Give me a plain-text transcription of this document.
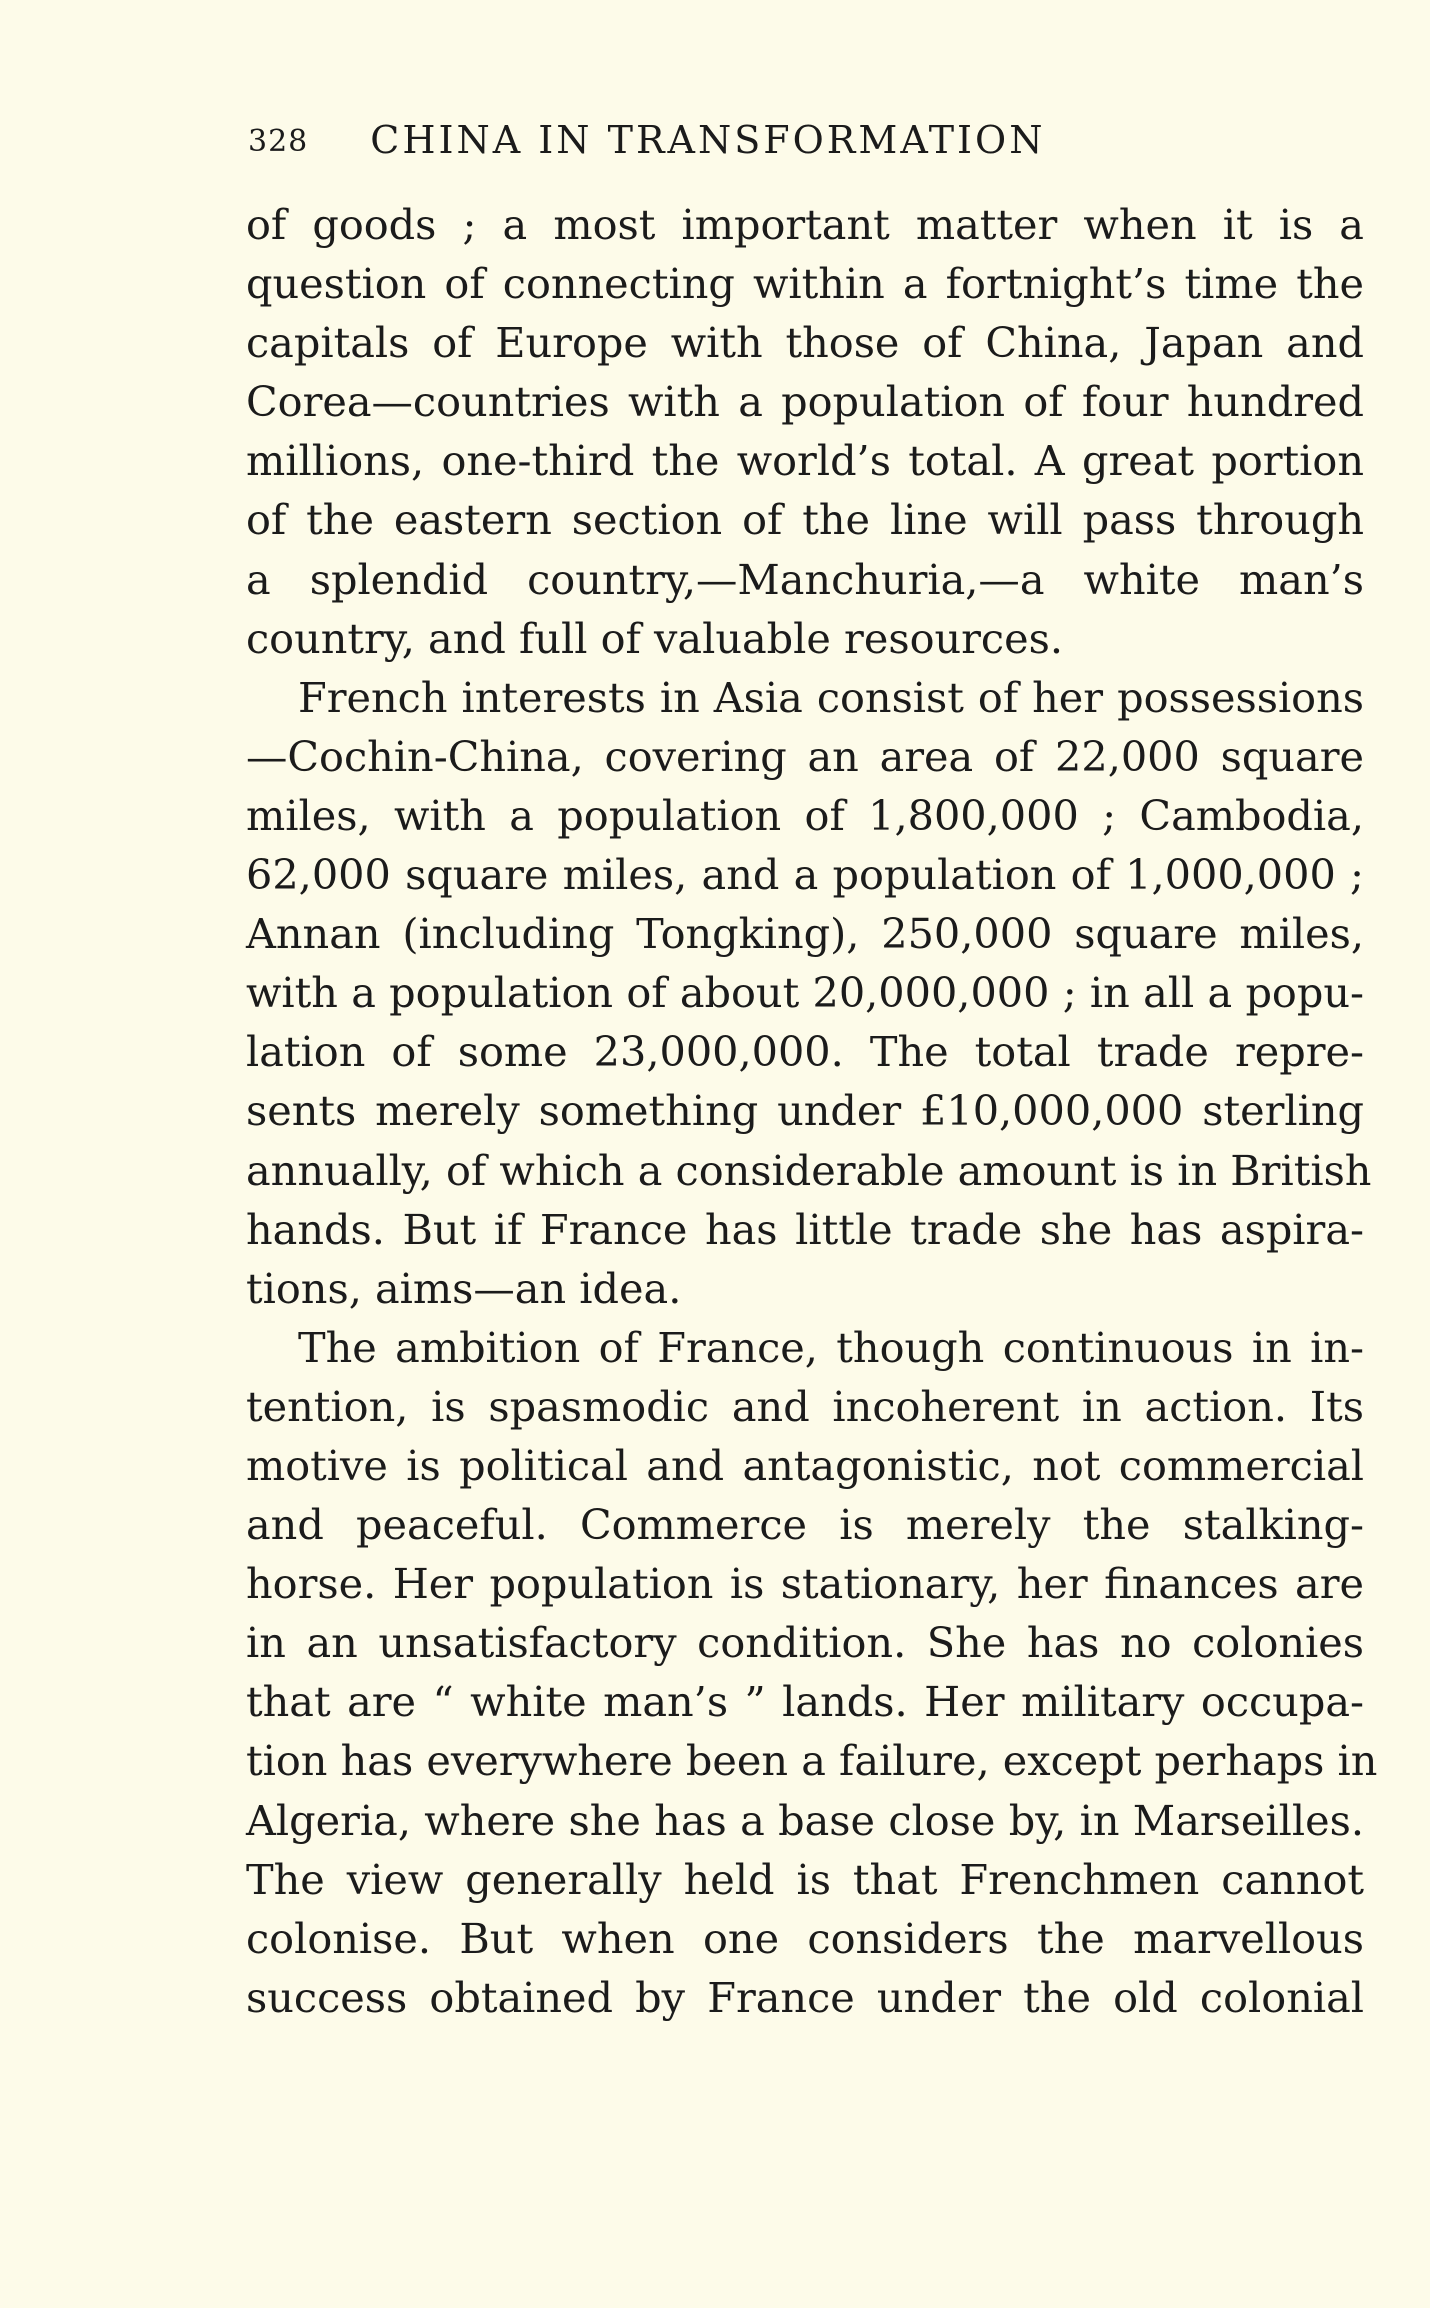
328 CHINA IN TRANSFORMATION
of goods ; a most important matter when it is a
question of connecting within a fortnight’s time the
capitals of Europe with those of China, Japan and
Corea—countries with a population of four hundred
millions, one-third the world’s total. A great portion
of the eastern section of the line will pass through
a splendid country,—Manchuria,—a white man’s
country, and full of valuable resources.
French interests in Asia consist of her possessions
—Cochin-China, covering an area of 22,000 square
miles, with a population of 1,800,000 ; Cambodia,
62,000 square miles, and a population of 1,000,000 ;
Annan (including Tongking), 250,000 square miles,
with a population of about 20,000,000 ; in all a popu-
lation of some 23,000,000. The total trade repre-
sents merely something under £10,000,000 sterling
annually, of which a considerable amount is in British
hands. But if France has little trade she has aspira-
tions, aims—an idea.
The ambition of France, though continuous in in-
tention, is spasmodic and incoherent in action. Its
motive is political and antagonistic, not commercial
and peaceful. Commerce is merely the stalking-
horse. Her population is stationary, her finances are
in an unsatisfactory condition. She has no colonies
that are “ white man’s ” lands. Her military occupa-
tion has everywhere been a failure, except perhaps in
Algeria, where she has a base close by, in Marseilles.
The view generally held is that Frenchmen cannot
colonise. But when one considers the marvellous
success obtained by France under the old colonial
